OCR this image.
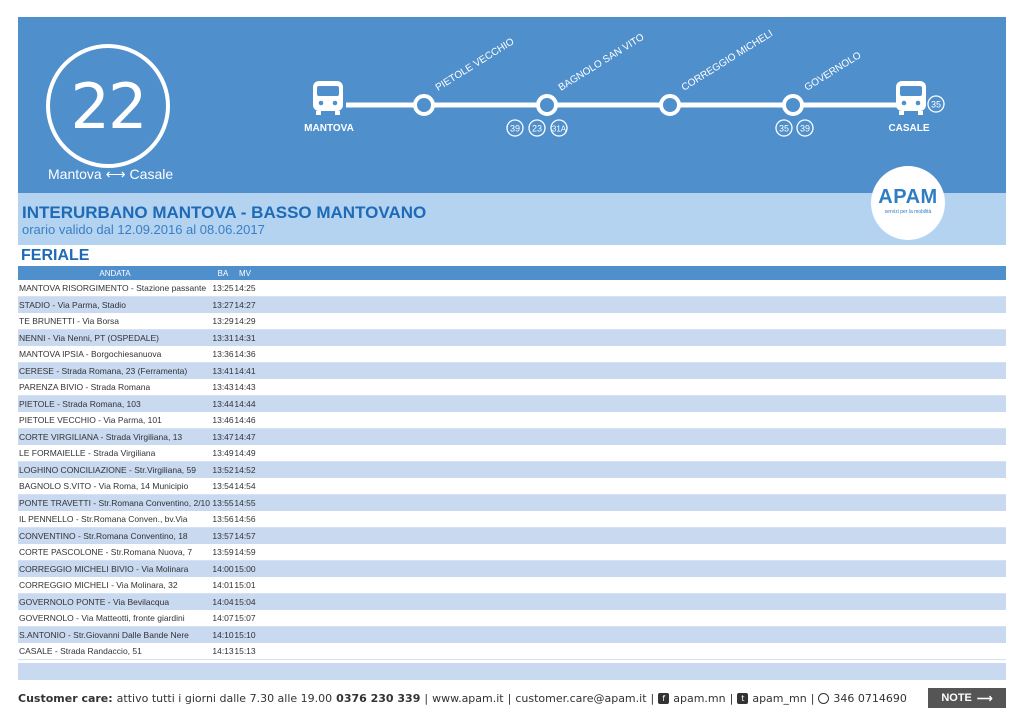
22
Mantova ⟷ Casale
MANTOVA	CASALE
PIETOLE VECCHIO	BAGNOLO SAN VITO	CORREGGIO MICHELI	GOVERNOLO
39 23 31A	35 39
35
INTERURBANO MANTOVA - BASSO MANTOVANO
orario valido dal 12.09.2016 al 08.06.2017
APAM
servizi per la mobilità
FERIALE
ANDATA	BA	MV	
MANTOVA RISORGIMENTO - Stazione passante	13:25	14:25	
STADIO - Via Parma, Stadio	13:27	14:27	
TE BRUNETTI - Via Borsa	13:29	14:29	
NENNI - Via Nenni, PT (OSPEDALE)	13:31	14:31	
MANTOVA IPSIA - Borgochiesanuova	13:36	14:36	
CERESE - Strada Romana, 23 (Ferramenta)	13:41	14:41	
PARENZA BIVIO - Strada Romana	13:43	14:43	
PIETOLE - Strada Romana, 103	13:44	14:44	
PIETOLE VECCHIO - Via Parma, 101	13:46	14:46	
CORTE VIRGILIANA - Strada Virgiliana, 13	13:47	14:47	
LE FORMAIELLE - Strada Virgiliana	13:49	14:49	
LOGHINO CONCILIAZIONE - Str.Virgiliana, 59	13:52	14:52	
BAGNOLO S.VITO - Via Roma, 14 Municipio	13:54	14:54	
PONTE TRAVETTI - Str.Romana Conventino, 2/10	13:55	14:55	
IL PENNELLO - Str.Romana Conven., bv.Via	13:56	14:56	
CONVENTINO - Str.Romana Conventino, 18	13:57	14:57	
CORTE PASCOLONE - Str.Romana Nuova, 7	13:59	14:59	
CORREGGIO MICHELI BIVIO - Via Molinara	14:00	15:00	
CORREGGIO MICHELI - Via Molinara, 32	14:01	15:01	
GOVERNOLO PONTE - Via Bevilacqua	14:04	15:04	
GOVERNOLO - Via Matteotti, fronte giardini	14:07	15:07	
S.ANTONIO - Str.Giovanni Dalle Bande Nere	14:10	15:10	
CASALE - Strada Randaccio, 51	14:13	15:13	
Customer care: attivo tutti i giorni dalle 7.30 alle 19.00 0376 230 339 | www.apam.it | customer.care@apam.it |	f apam.mn | t apam_mn | 346 0714690	NOTE ⟶
